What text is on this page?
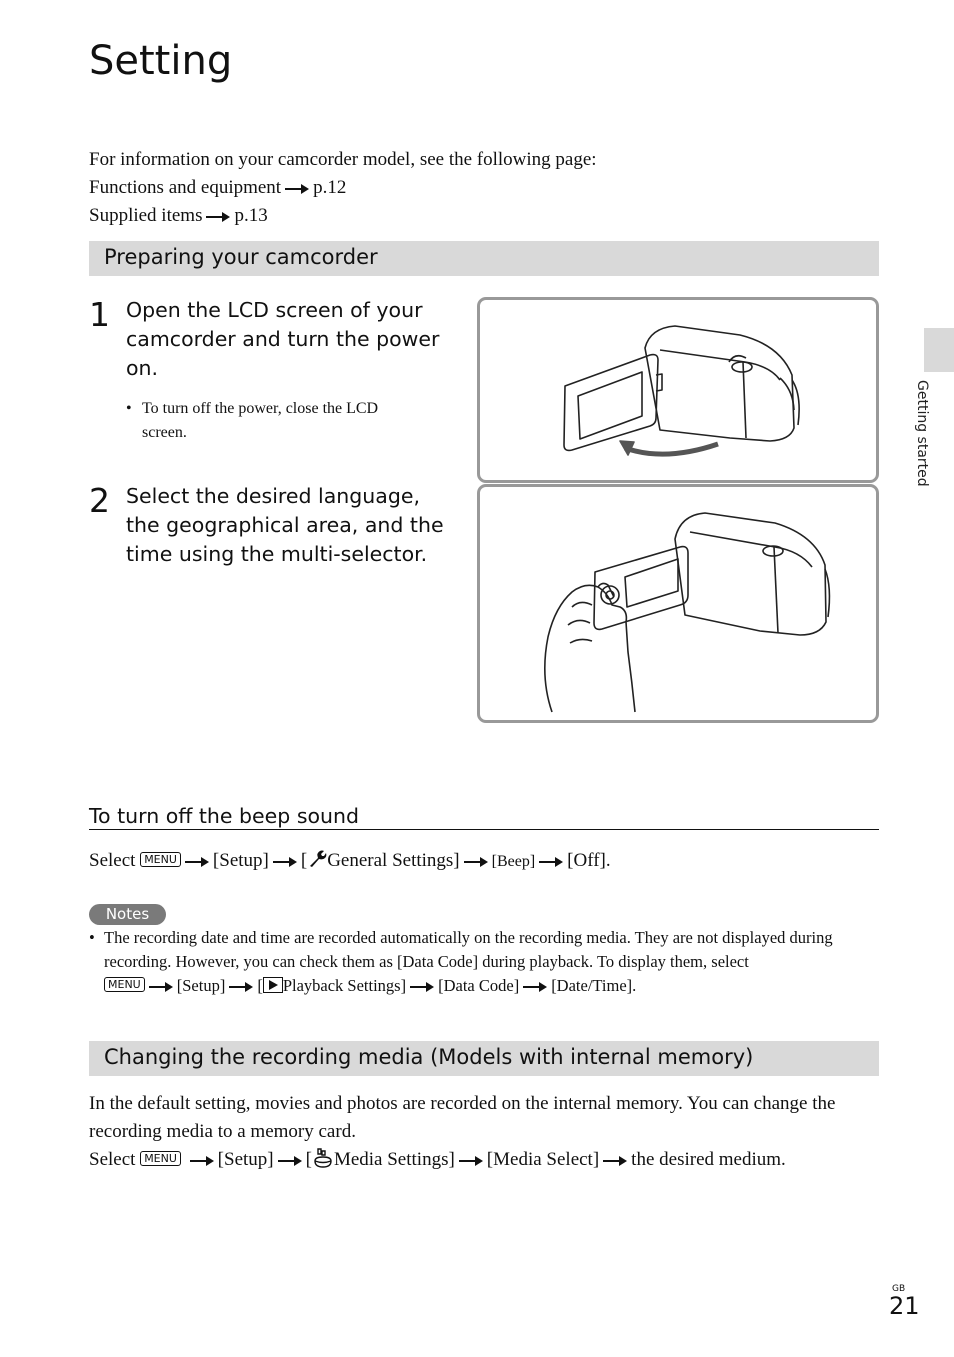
Setting
For information on your camcorder model, see the following page:
Functions and equipment p.12
Supplied items p.13
Preparing your camcorder
1 Open the LCD screen of your camcorder and turn the power on.
• To turn off the power, close the LCD screen.
2 Select the desired language, the geographical area, and the time using the multi-selector.
To turn off the beep sound
Select MENU [Setup] [ General Settings] [Beep] [Off].
Notes
• The recording date and time are recorded automatically on the recording media. They are not displayed during recording. However, you can check them as [Data Code] during playback. To display them, select
MENU [Setup] [ Playback Settings] [Data Code] [Date/Time].
Changing the recording media (Models with internal memory)
In the default setting, movies and photos are recorded on the internal memory. You can change the recording media to a memory card.
Select MENU [Setup] [ Media Settings] [Media Select] the desired medium.
Getting started
GB
21
